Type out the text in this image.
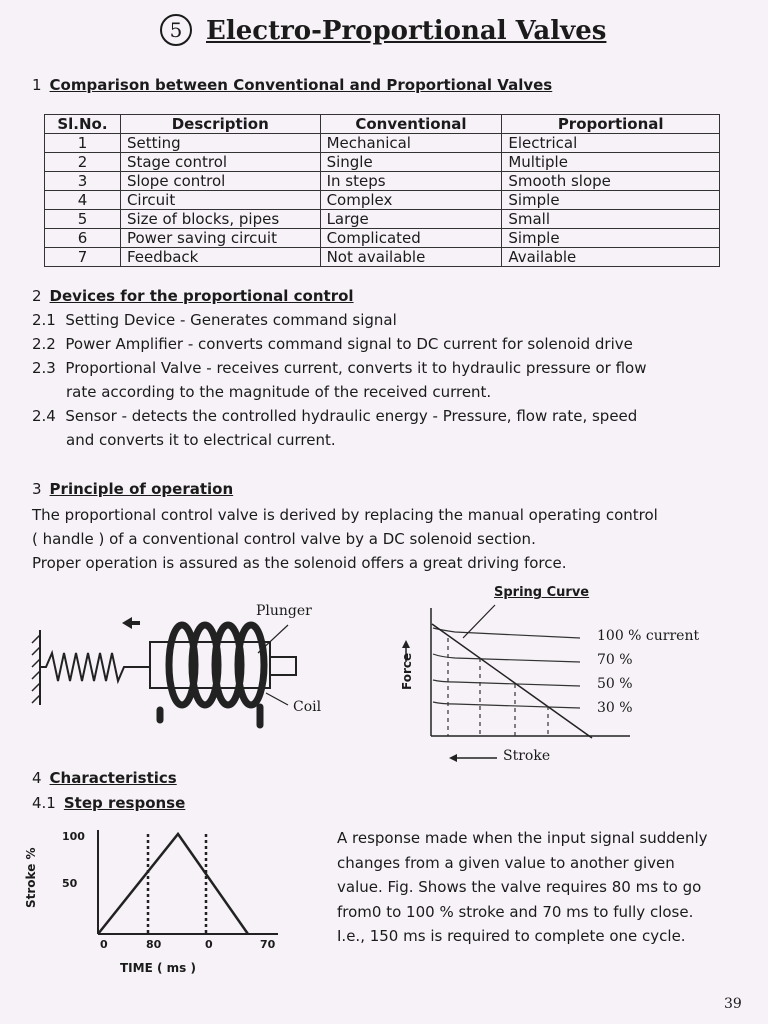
5 Electro-Proportional Valves
1 Comparison between Conventional and Proportional Valves
Sl.No.	Description	Conventional	Proportional
1	Setting	Mechanical	Electrical
2	Stage control	Single	Multiple
3	Slope control	In steps	Smooth slope
4	Circuit	Complex	Simple
5	Size of blocks, pipes	Large	Small
6	Power saving circuit	Complicated	Simple
7	Feedback	Not available	Available
2 Devices for the proportional control
2.1 Setting Device - Generates command signal
2.2 Power Amplifier - converts command signal to DC current for solenoid drive
2.3 Proportional Valve - receives current, converts it to hydraulic pressure or flow
rate according to the magnitude of the received current.
2.4 Sensor - detects the controlled hydraulic energy - Pressure, flow rate, speed
and converts it to electrical current.
3 Principle of operation
The proportional control valve is derived by replacing the manual operating control
( handle ) of a conventional control valve by a DC solenoid section.
Proper operation is assured as the solenoid offers a great driving force.
Plunger
Coil
Spring Curve
Force
Stroke
100 % current
70 %
50 %
30 %
4 Characteristics
4.1 Step response
100
50
Stroke %
0	80	0	70
TIME ( ms )
A response made when the input signal suddenly
changes from a given value to another given
value. Fig. Shows the valve requires 80 ms to go
from0 to 100 % stroke and 70 ms to fully close.
I.e., 150 ms is required to complete one cycle.
39
